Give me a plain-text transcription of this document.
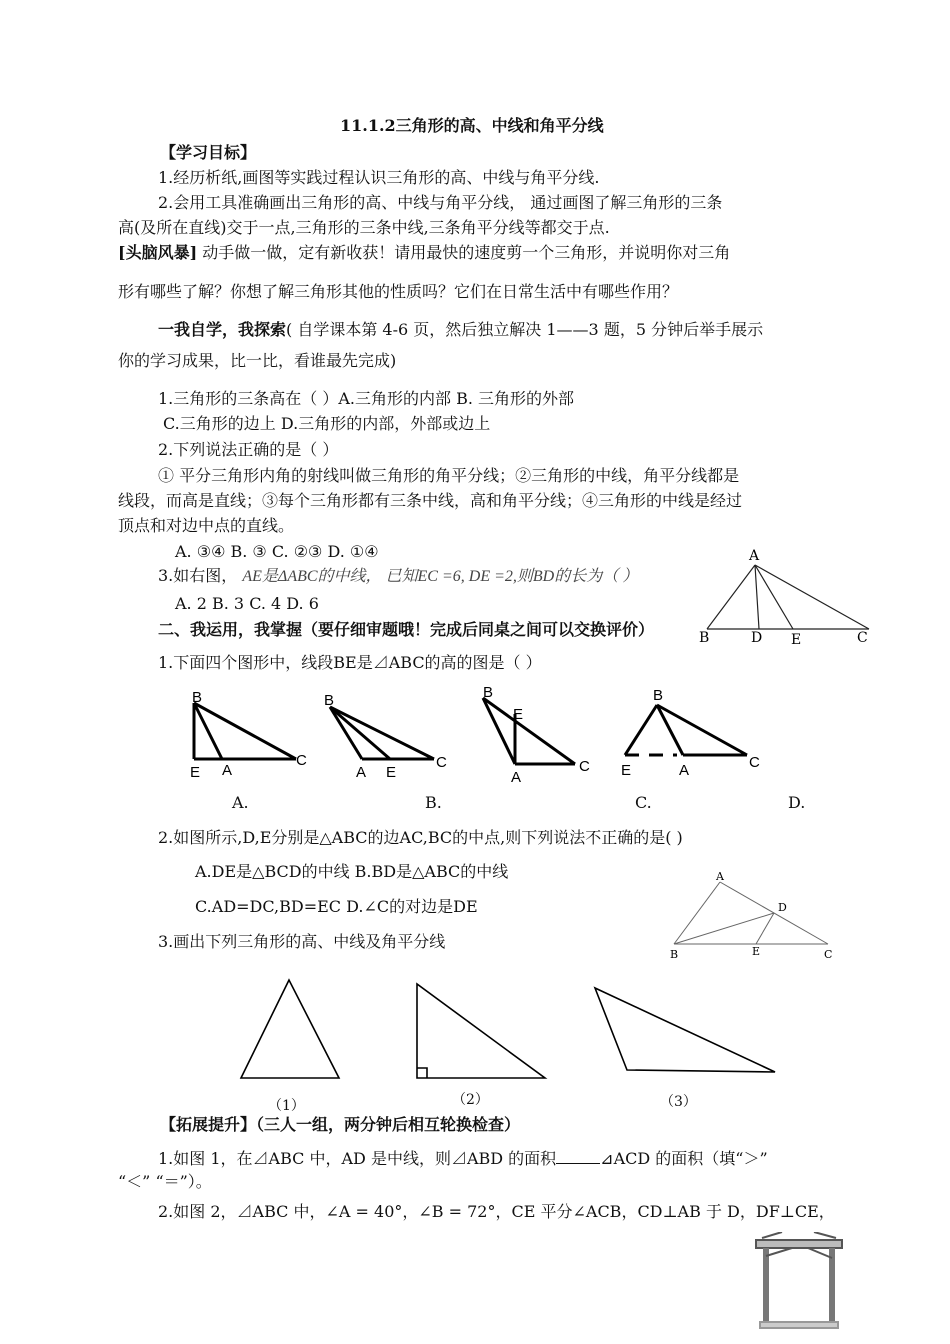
11.1.2三角形的高、中线和角平分线
【学习目标】
1.经历析纸,画图等实践过程认识三角形的高、中线与角平分线.
2.会用工具准确画出三角形的高、中线与角平分线， 通过画图了解三角形的三条
高(及所在直线)交于一点,三角形的三条中线,三条角平分线等都交于点.
[头脑风暴] 动手做一做，定有新收获！请用最快的速度剪一个三角形，并说明你对三角
形有哪些了解？你想了解三角形其他的性质吗？它们在日常生活中有哪些作用？
一我自学，我探索( 自学课本第 4-6 页，然后独立解决 1——3 题，5 分钟后举手展示
你的学习成果，比一比，看谁最先完成)
1.三角形的三条高在（ ）A.三角形的内部 B. 三角形的外部
C.三角形的边上 D.三角形的内部，外部或边上
2.下列说法正确的是（ ）
① 平分三角形内角的射线叫做三角形的角平分线；②三角形的中线，角平分线都是
线段，而高是直线；③每个三角形都有三条中线，高和角平分线；④三角形的中线是经过
顶点和对边中点的直线。
A. ③④ B. ③ C. ②③ D. ①④
3.如右图， AE是ΔABC的中线， 已知EC =6, DE =2,则BD的长为（ ）
A. 2 B. 3 C. 4 D. 6
A
B	D E	C
二、我运用，我掌握（要仔细审题哦！完成后同桌之间可以交换评价）
1.下面四个图形中，线段BE是⊿ABC的高的图是（ ）
B
E A
C
B
A E
C
B
E
A
C
B
E	A	C
A.	B.	C.	D.
2.如图所示,D,E分别是△ABC的边AC,BC的中点,则下列说法不正确的是( )
A.DE是△BCD的中线 B.BD是△ABC的中线
C.AD=DC,BD=EC D.∠C的对边是DE
3.画出下列三角形的高、中线及角平分线
A
D
B	E	C
（1）	（2）	（3）
【拓展提升】（三人一组，两分钟后相互轮换检查）
1.如图 1，在⊿ABC 中，AD 是中线，则⊿ABD 的面积	⊿ACD 的面积（填“＞”
“＜” “＝”）。
2.如图 2，⊿ABC 中，∠A = 40°，∠B = 72°，CE 平分∠ACB，CD⊥AB 于 D，DF⊥CE，
